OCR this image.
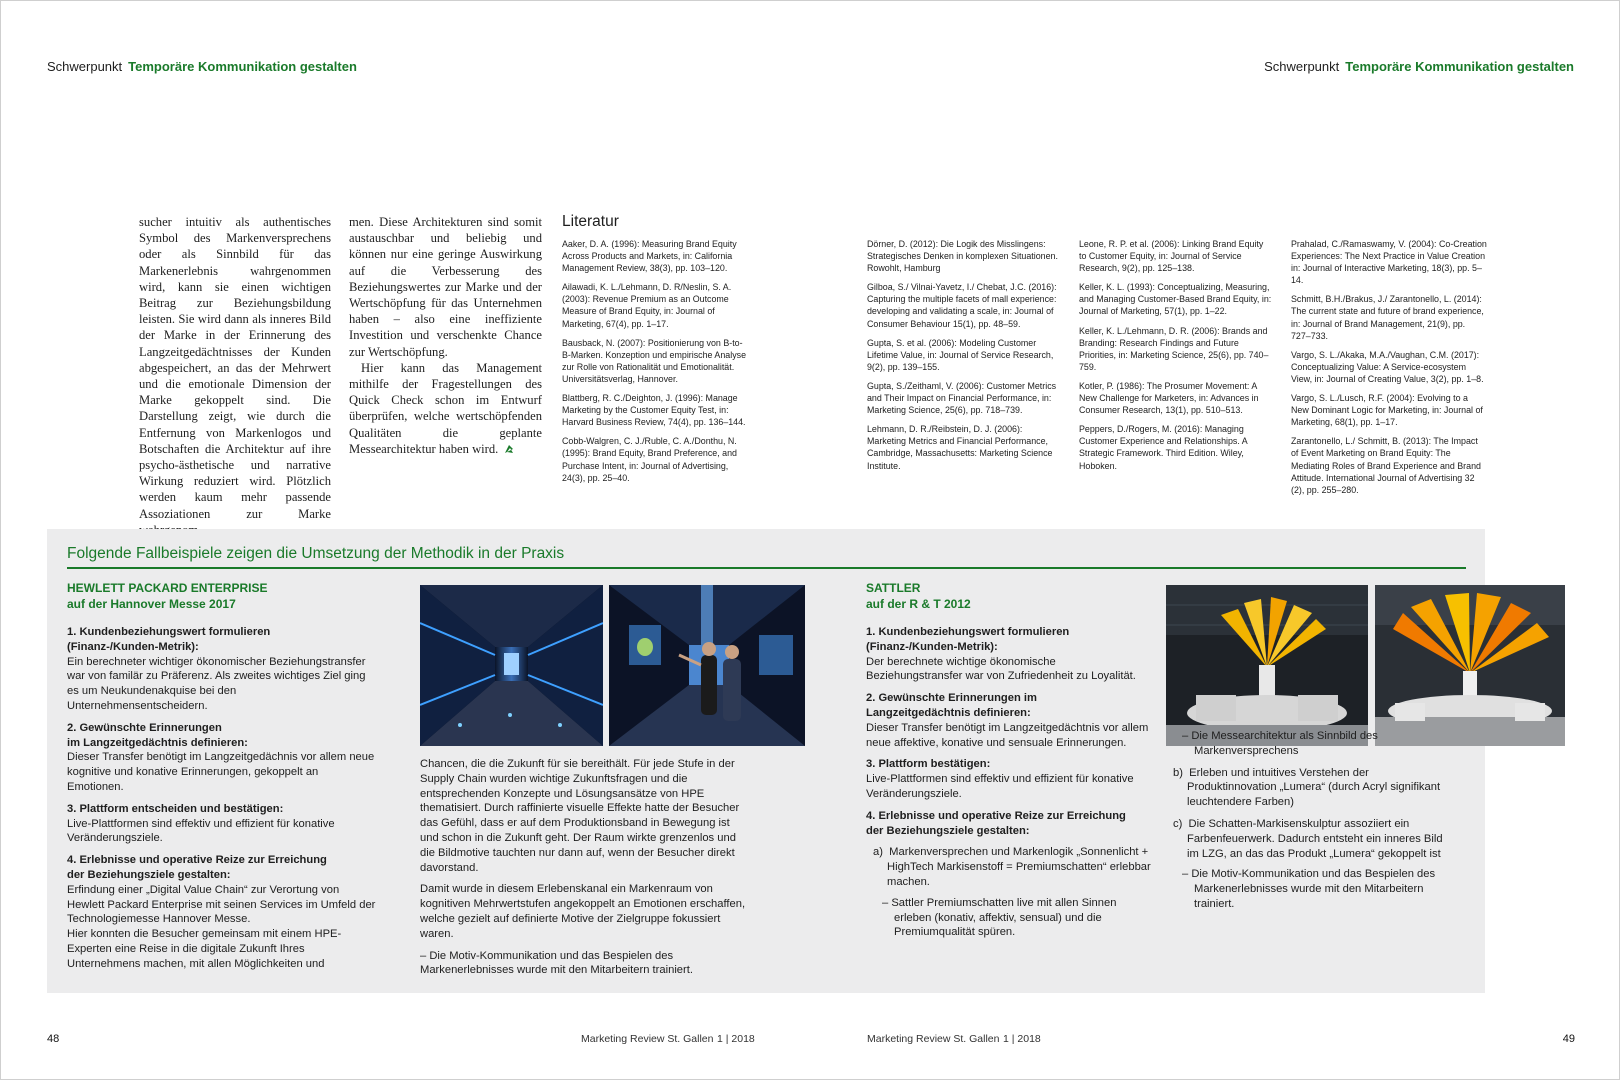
Schwerpunkt Temporäre Kommunikation gestalten	Schwerpunkt Temporäre Kommunikation gestalten

sucher intuitiv als authentisches Symbol des Markenversprechens oder als Sinnbild für das Markenerlebnis wahrgenommen wird, kann sie einen wichtigen Beitrag zur Beziehungsbildung leisten. Sie wird dann als inneres Bild der Marke in der Erinnerung des Langzeitgedächtnisses der Kunden abgespeichert, an das der Mehrwert und die emotionale Dimension der Marke gekoppelt sind. Die Darstellung zeigt, wie durch die Entfernung von Markenlogos und Botschaften die Architektur auf ihre psycho-ästhetische und narrative Wirkung reduziert wird. Plötzlich werden kaum mehr passende Assoziationen zur Marke

men. Diese Architekturen sind somit austauschbar und beliebig und können nur eine geringe Auswirkung auf die Verbesserung des Beziehungswertes zur Marke und der Wertschöpfung für das Unternehmen haben – also eine ineffiziente Investition und verschenkte Chance zur Wertschöpfung.

Hier kann das Management mithilfe der Fragestellungen des Quick Check schon im Entwurf überprüfen, welche wertschöpfenden Qualitäten die geplante Messearchitektur haben wird.

Literatur

Aaker, D. A. (1996): Measuring Brand Equity Across Products and Markets, in: California Management Review, 38(3), pp. 103–120.

Ailawadi, K. L./Lehmann, D. R/Neslin, S. A. (2003): Revenue Premium as an Outcome Measure of Brand Equity, in: Journal of Marketing, 67(4), pp. 1–17.

Bausback, N. (2007): Positionierung von B-to-B-Marken. Konzeption und empirische Analyse zur Rolle von Rationalität und Emotionalität. Universitätsverlag, Hannover.

Blattberg, R. C./Deighton, J. (1996): Manage Marketing by the Customer Equity Test, in: Harvard Business Review, 74(4), pp. 136–144.

Cobb-Walgren, C. J./Ruble, C. A./Donthu, N. (1995): Brand Equity, Brand Preference, and Purchase Intent, in: Journal of Advertising, 24(3), pp. 25–40.

Dörner, D. (2012): Die Logik des Misslingens: Strategisches Denken in komplexen Situationen. Rowohlt, Hamburg

Gilboa, S./ Vilnai-Yavetz, I./ Chebat, J.C. (2016): Capturing the multiple facets of mall experience: developing and validating a scale, in: Journal of Consumer Behaviour 15(1), pp. 48–59.

Gupta, S. et al. (2006): Modeling Customer Lifetime Value, in: Journal of Service Research, 9(2), pp. 139–155.

Gupta, S./Zeithaml, V. (2006): Customer Metrics and Their Impact on Financial Performance, in: Marketing Science, 25(6), pp. 718–739.

Lehmann, D. R./Reibstein, D. J. (2006): Marketing Metrics and Financial Performance, Cambridge, Massachusetts: Marketing Science Institute.

Leone, R. P. et al. (2006): Linking Brand Equity to Customer Equity, in: Journal of Service Research, 9(2), pp. 125–138.

Keller, K. L. (1993): Conceptualizing, Measuring, and Managing Customer-Based Brand Equity, in: Journal of Marketing, 57(1), pp. 1–22.

Keller, K. L./Lehmann, D. R. (2006): Brands and Branding: Research Findings and Future Priorities, in: Marketing Science, 25(6), pp. 740–759.

Kotler, P. (1986): The Prosumer Movement: A New Challenge for Marketers, in: Advances in Consumer Research, 13(1), pp. 510–513.

Peppers, D./Rogers, M. (2016): Managing Customer Experience and Relationships. A Strategic Framework. Third Edition. Wiley, Hoboken.

Prahalad, C./Ramaswamy, V. (2004): Co-Creation Experiences: The Next Practice in Value Creation in: Journal of Interactive Marketing, 18(3), pp. 5–14.

Schmitt, B.H./Brakus, J./ Zarantonello, L. (2014): The current state and future of brand experience, in: Journal of Brand Management, 21(9), pp. 727–733.

Vargo, S. L./Akaka, M.A./Vaughan, C.M. (2017): Conceptualizing Value: A Service-ecosystem View, in: Journal of Creating Value, 3(2), pp. 1–8.

Vargo, S. L./Lusch, R.F. (2004): Evolving to a New Dominant Logic for Marketing, in: Journal of Marketing, 68(1), pp. 1–17.

Zarantonello, L./ Schmitt, B. (2013): The Impact of Event Marketing on Brand Equity: The Mediating Roles of Brand Experience and Brand Attitude. International Journal of Advertising 32 (2), pp. 255–280.

Folgende Fallbeispiele zeigen die Umsetzung der Methodik in der Praxis
HEWLETT PACKARD ENTERPRISE
auf der Hannover Messe 2017

1. Kundenbeziehungswert formulieren
(Finanz-/Kunden-Metrik):
Ein berechneter wichtiger ökonomischer Beziehungstransfer war von familär zu Präferenz. Als zweites wichtiges Ziel ging es um Neukundenakquise bei den Unternehmensentscheidern.

2. Gewünschte Erinnerungen
im Langzeitgedächtnis definieren:
Dieser Transfer benötigt im Langzeitgedächnis vor allem neue kognitive und konative Erinnerungen, gekoppelt an Emotionen.

3. Plattform entscheiden und bestätigen:
Live-Plattformen sind effektiv und effizient für konative Veränderungsziele.

4. Erlebnisse und operative Reize zur Erreichung
der Beziehungsziele gestalten:
Erfindung einer „Digital Value Chain“ zur Verortung von Hewlett Packard Enterprise mit seinen Services im Umfeld der Technologiemesse Hannover Messe.
Hier konnten die Besucher gemeinsam mit einem HPE-Experten eine Reise in die digitale Zukunft Ihres Unternehmens machen, mit allen Möglichkeiten und

Chancen, die die Zukunft für sie bereithält. Für jede Stufe in der Supply Chain wurden wichtige Zukunftsfragen und die entsprechenden Konzepte und Lösungsansätze von HPE thematisiert. Durch raffinierte visuelle Effekte hatte der Besucher das Gefühl, dass er auf dem Produktionsband in Bewegung ist und schon in die Zukunft geht. Der Raum wirkte grenzenlos und die Bildmotive tauchten nur dann auf, wenn der Besucher direkt davorstand.

Damit wurde in diesem Erlebenskanal ein Markenraum von kognitiven Mehrwertstufen angekoppelt an Emotionen erschaffen, welche gezielt auf definierte Motive der Zielgruppe fokussiert waren.

– Die Motiv-Kommunikation und das Bespielen des Markenerlebnisses wurde mit den Mitarbeitern trainiert.

SATTLER
auf der R & T 2012

1. Kundenbeziehungswert formulieren
(Finanz-/Kunden-Metrik):
Der berechnete wichtige ökonomische Beziehungstransfer war von Zufriedenheit zu Loyalität.

2. Gewünschte Erinnerungen im
Langzeitgedächtnis definieren:
Dieser Transfer benötigt im Langzeitgedächtnis vor allem neue affektive, konative und sensuale Erinnerungen.

3. Plattform bestätigen:
Live-Plattformen sind effektiv und effizient für konative Veränderungsziele.

4. Erlebnisse und operative Reize zur Erreichung
der Beziehungsziele gestalten:

a) Markenversprechen und Markenlogik „Sonnenlicht + HighTech Markisenstoff = Premiumschatten“ erlebbar machen.

– Sattler Premiumschatten live mit allen Sinnen erleben (konativ, affektiv, sensual) und die Premiumqualität spüren.

– Die Messearchitektur als Sinnbild des Markenversprechens

b) Erleben und intuitives Verstehen der Produktinnovation „Lumera“ (durch Acryl signifikant leuchtendere Farben)

c) Die Schatten-Markisenskulptur assoziiert ein Farbenfeuerwerk. Dadurch entsteht ein inneres Bild im LZG, an das das Produkt „Lumera“ gekoppelt ist

– Die Motiv-Kommunikation und das Bespielen des Markenerlebnisses wurde mit den Mitarbeitern trainiert.

48	Marketing Review St. Gallen 1 | 2018	Marketing Review St. Gallen 1 | 2018	49
